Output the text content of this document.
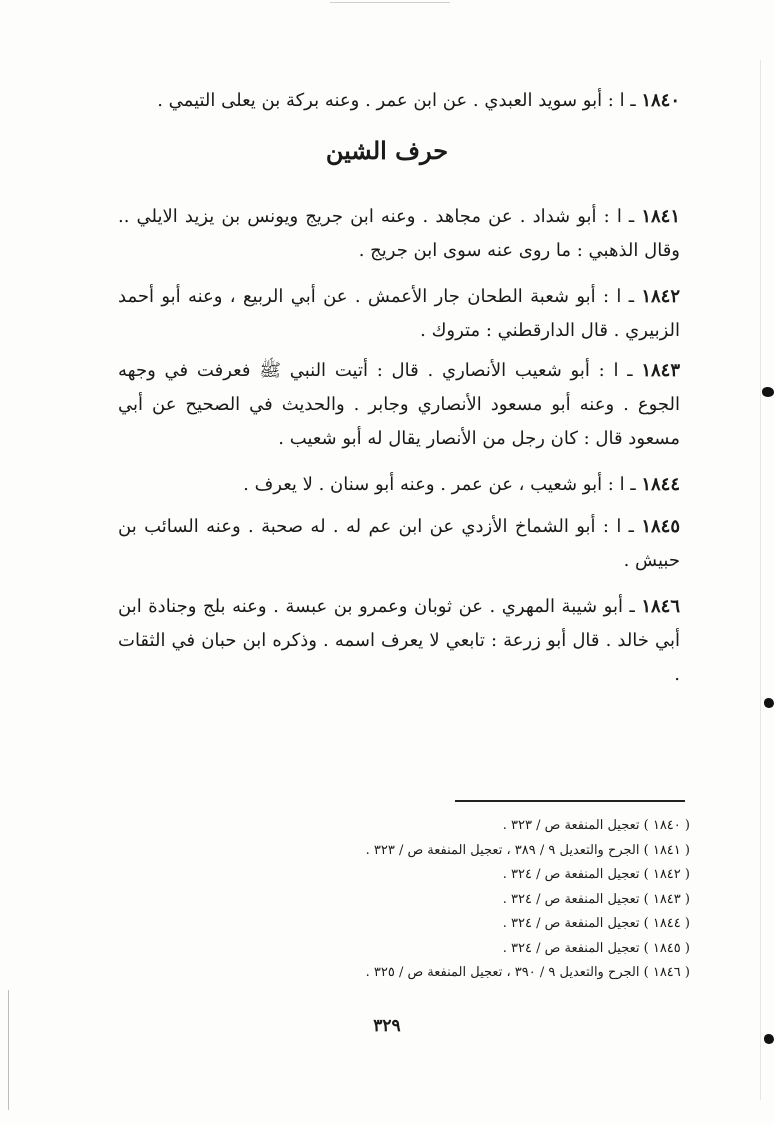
١٨٤٠ ـ ا : أبو سويد العبدي . عن ابن عمر . وعنه بركة بن يعلى التيمي .
حرف الشين
١٨٤١ ـ ا : أبو شداد . عن مجاهد . وعنه ابن جريج ويونس بن يزيد الايلي .. وقال الذهبي : ما روى عنه سوى ابن جريج .
١٨٤٢ ـ ا : أبو شعبة الطحان جار الأعمش . عن أبي الربيع ، وعنه أبو أحمد الزبيري . قال الدارقطني : متروك .
١٨٤٣ ـ ا : أبو شعيب الأنصاري . قال : أتيت النبي ﷺ فعرفت في وجهه الجوع . وعنه أبو مسعود الأنصاري وجابر . والحديث في الصحيح عن أبي مسعود قال : كان رجل من الأنصار يقال له أبو شعيب .
١٨٤٤ ـ ا : أبو شعيب ، عن عمر . وعنه أبو سنان . لا يعرف .
١٨٤٥ ـ ا : أبو الشماخ الأزدي عن ابن عم له . له صحبة . وعنه السائب بن حبيش .
١٨٤٦ ـ أبو شيبة المهري . عن ثوبان وعمرو بن عبسة . وعنه بلج وجنادة ابن أبي خالد . قال أبو زرعة : تابعي لا يعرف اسمه . وذكره ابن حبان في الثقات .
( ١٨٤٠ ) تعجيل المنفعة ص / ٣٢٣ .
( ١٨٤١ ) الجرح والتعديل ٩ / ٣٨٩ ، تعجيل المنفعة ص / ٣٢٣ .
( ١٨٤٢ ) تعجيل المنفعة ص / ٣٢٤ .
( ١٨٤٣ ) تعجيل المنفعة ص / ٣٢٤ .
( ١٨٤٤ ) تعجيل المنفعة ص / ٣٢٤ .
( ١٨٤٥ ) تعجيل المنفعة ص / ٣٢٤ .
( ١٨٤٦ ) الجرح والتعديل ٩ / ٣٩٠ ، تعجيل المنفعة ص / ٣٢٥ .
٣٢٩
